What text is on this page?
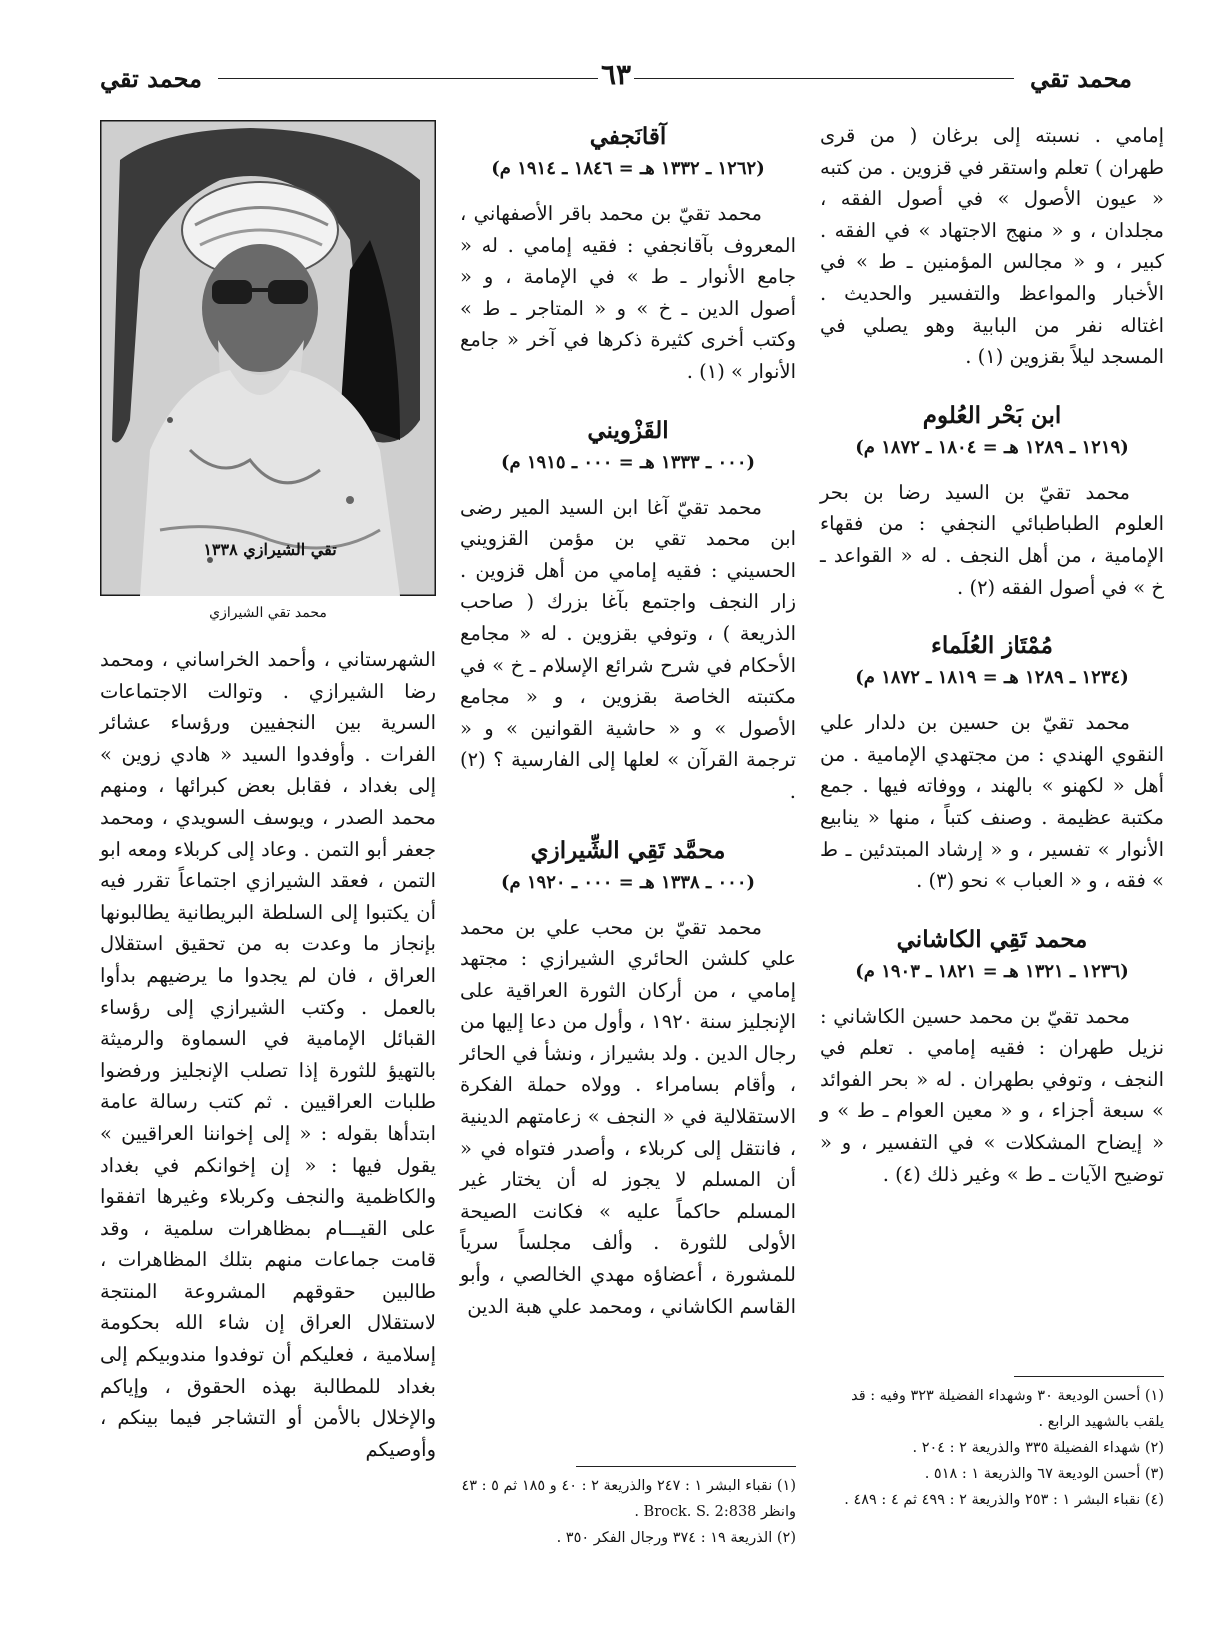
محمد تقي
٦٣
محمد تقي

إمامي . نسبته إلى برغان ( من قرى طهران ) تعلم واستقر في قزوين . من كتبه « عيون الأصول » في أصول الفقه ، مجلدان ، و « منهج الاجتهاد » في الفقه . كبير ، و « مجالس المؤمنين ـ ط » في الأخبار والمواعظ والتفسير والحديث . اغتاله نفر من البابية وهو يصلي في المسجد ليلاً بقزوين (١) .

ابن بَحْر العُلوم
(١٢١٩ ـ ١٢٨٩ هـ = ١٨٠٤ ـ ١٨٧٢ م)

محمد تقيّ بن السيد رضا بن بحر العلوم الطباطبائي النجفي : من فقهاء الإمامية ، من أهل النجف . له « القواعد ـ خ » في أصول الفقه (٢) .

مُمْتَاز العُلَماء
(١٢٣٤ ـ ١٢٨٩ هـ = ١٨١٩ ـ ١٨٧٢ م)

محمد تقيّ بن حسين بن دلدار علي النقوي الهندي : من مجتهدي الإمامية . من أهل « لكهنو » بالهند ، ووفاته فيها . جمع مكتبة عظيمة . وصنف كتباً ، منها « ينابيع الأنوار » تفسير ، و « إرشاد المبتدئين ـ ط » فقه ، و « العباب » نحو (٣) .

محمد تَقِي الكاشاني
(١٢٣٦ ـ ١٣٢١ هـ = ١٨٢١ ـ ١٩٠٣ م)

محمد تقيّ بن محمد حسين الكاشاني : نزيل طهران : فقيه إمامي . تعلم في النجف ، وتوفي بطهران . له « بحر الفوائد » سبعة أجزاء ، و « معين العوام ـ ط » و « إيضاح المشكلات » في التفسير ، و « توضيح الآيات ـ ط » وغير ذلك (٤) .

(١) أحسن الوديعة ٣٠ وشهداء الفضيلة ٣٢٣ وفيه : قد يلقب بالشهيد الرابع .
(٢) شهداء الفضيلة ٣٣٥ والذريعة ٢ : ٢٠٤ .
(٣) أحسن الوديعة ٦٧ والذريعة ١ : ٥١٨ .
(٤) نقباء البشر ١ : ٢٥٣ والذريعة ٢ : ٤٩٩ ثم ٤ : ٤٨٩ .
آقانَجفي
(١٢٦٢ ـ ١٣٣٢ هـ = ١٨٤٦ ـ ١٩١٤ م)

محمد تقيّ بن محمد باقر الأصفهاني ، المعروف بآقانجفي : فقيه إمامي . له « جامع الأنوار ـ ط » في الإمامة ، و « أصول الدين ـ خ » و « المتاجر ـ ط » وكتب أخرى كثيرة ذكرها في آخر « جامع الأنوار » (١) .

القَزْويني
(٠٠٠ ـ ١٣٣٣ هـ = ٠٠٠ ـ ١٩١٥ م)

محمد تقيّ آغا ابن السيد المير رضى ابن محمد تقي بن مؤمن القزويني الحسيني : فقيه إمامي من أهل قزوين . زار النجف واجتمع بآغا بزرك ( صاحب الذريعة ) ، وتوفي بقزوين . له « مجامع الأحكام في شرح شرائع الإسلام ـ خ » في مكتبته الخاصة بقزوين ، و « مجامع الأصول » و « حاشية القوانين » و « ترجمة القرآن » لعلها إلى الفارسية ؟ (٢) .

محمَّد تَقِي الشِّيرازي
(٠٠٠ ـ ١٣٣٨ هـ = ٠٠٠ ـ ١٩٢٠ م)

محمد تقيّ بن محب علي بن محمد علي كلشن الحائري الشيرازي : مجتهد إمامي ، من أركان الثورة العراقية على الإنجليز سنة ١٩٢٠ ، وأول من دعا إليها من رجال الدين . ولد بشيراز ، ونشأ في الحائر ، وأقام بسامراء . وولاه حملة الفكرة الاستقلالية في « النجف » زعامتهم الدينية ، فانتقل إلى كربلاء ، وأصدر فتواه في « أن المسلم لا يجوز له أن يختار غير المسلم حاكماً عليه » فكانت الصيحة الأولى للثورة . وألف مجلساً سرياً للمشورة ، أعضاؤه مهدي الخالصي ، وأبو القاسم الكاشاني ، ومحمد علي هبة الدين

(١) نقباء البشر ١ : ٢٤٧ والذريعة ٢ : ٤٠ و ١٨٥ ثم ٥ : ٤٣ وانظر Brock. S. 2:838 .
(٢) الذريعة ١٩ : ٣٧٤ ورجال الفكر ٣٥٠ .
تقي الشيرازي ١٣٣٨
محمد تقي الشيرازي

الشهرستاني ، وأحمد الخراساني ، ومحمد رضا الشيرازي . وتوالت الاجتماعات السرية بين النجفيين ورؤساء عشائر الفرات . وأوفدوا السيد « هادي زوين » إلى بغداد ، فقابل بعض كبرائها ، ومنهم محمد الصدر ، ويوسف السويدي ، ومحمد جعفر أبو التمن . وعاد إلى كربلاء ومعه ابو التمن ، فعقد الشيرازي اجتماعاً تقرر فيه أن يكتبوا إلى السلطة البريطانية يطالبونها بإنجاز ما وعدت به من تحقيق استقلال العراق ، فان لم يجدوا ما يرضيهم بدأوا بالعمل . وكتب الشيرازي إلى رؤساء القبائل الإمامية في السماوة والرميثة بالتهيؤ للثورة إذا تصلب الإنجليز ورفضوا طلبات العراقيين . ثم كتب رسالة عامة ابتدأها بقوله : « إلى إخواننا العراقيين » يقول فيها : « إن إخوانكم في بغداد والكاظمية والنجف وكربلاء وغيرها اتفقوا على القيـــام بمظاهرات سلمية ، وقد قامت جماعات منهم بتلك المظاهرات ، طالبين حقوقهم المشروعة المنتجة لاستقلال العراق إن شاء الله بحكومة إسلامية ، فعليكم أن توفدوا مندوبيكم إلى بغداد للمطالبة بهذه الحقوق ، وإياكم والإخلال بالأمن أو التشاجر فيما بينكم ، وأوصيكم
